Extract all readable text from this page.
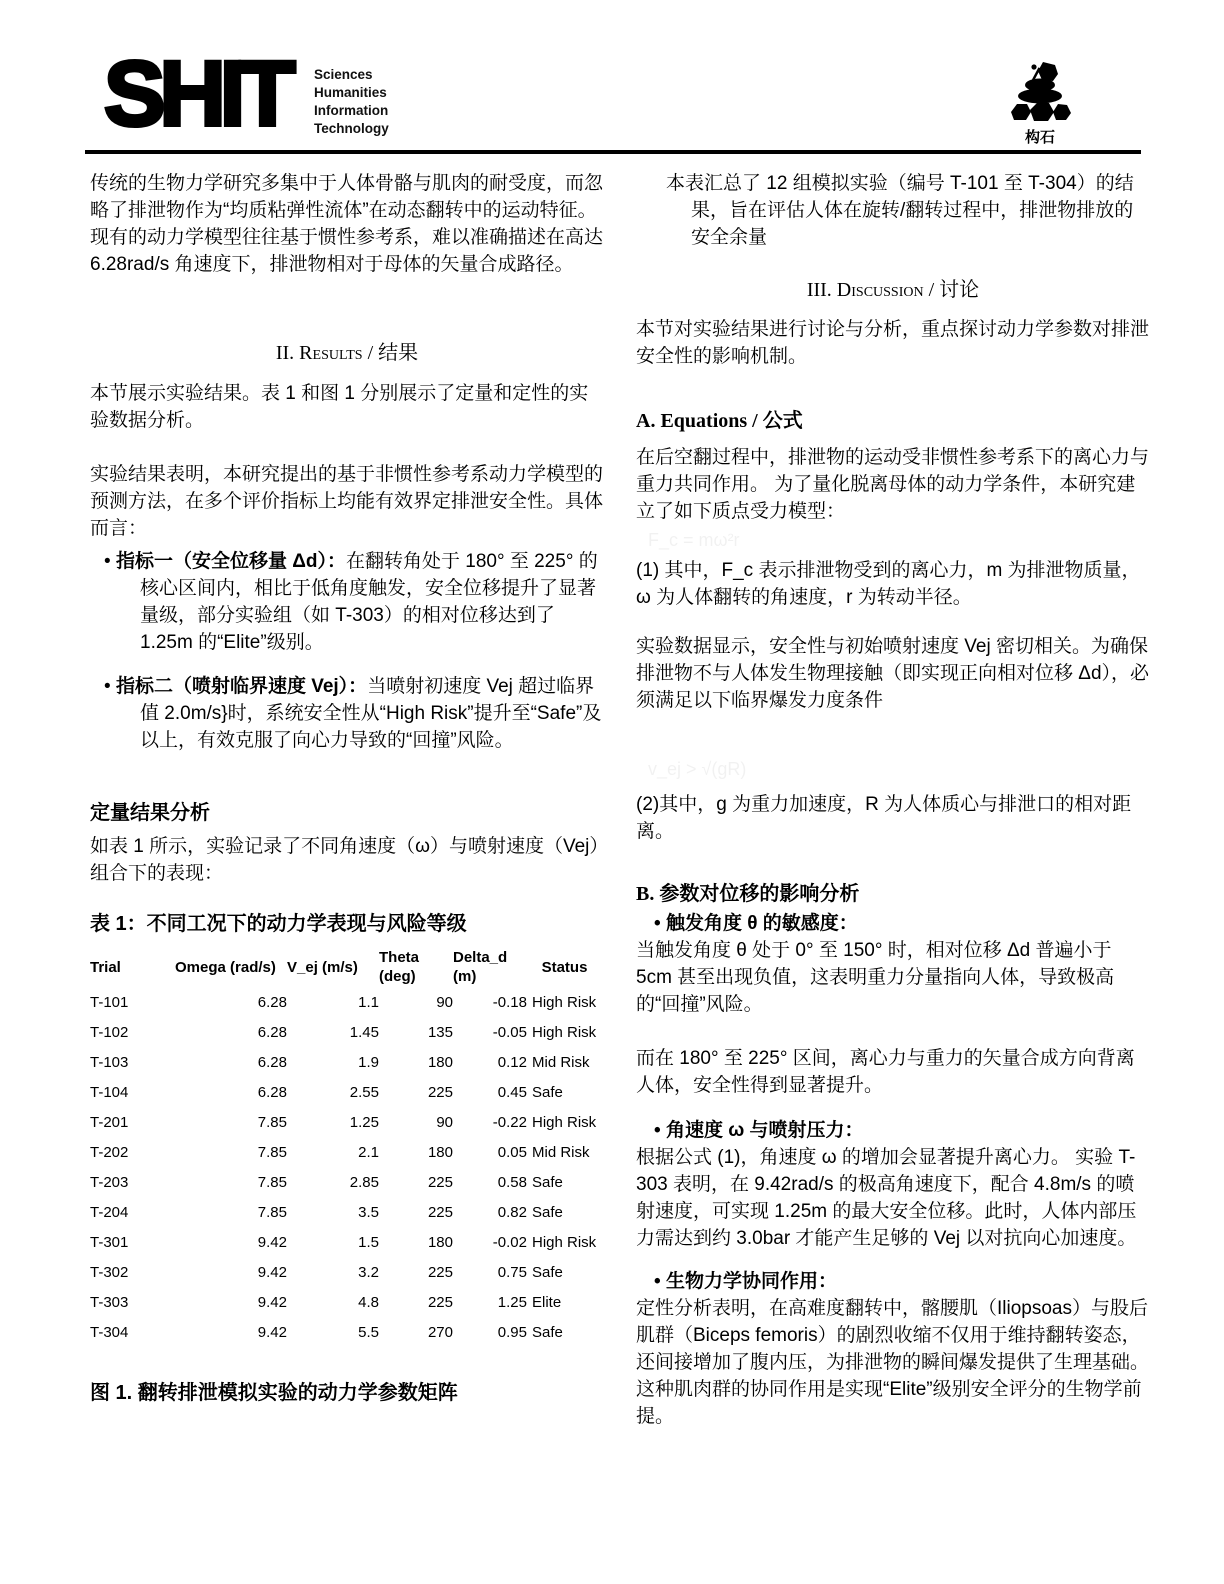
SHIT Sciences
Humanities
Information
Technology
构石

传统的生物力学研究多集中于人体骨骼与肌肉的耐受度，而忽略了排泄物作为“均质粘弹性流体”在动态翻转中的运动特征。现有的动力学模型往往基于惯性参考系，难以准确描述在高达 6.28rad/s 角速度下，排泄物相对于母体的矢量合成路径。

II. Results / 结果

本节展示实验结果。表 1 和图 1 分别展示了定量和定性的实验数据分析。

实验结果表明，本研究提出的基于非惯性参考系动力学模型的预测方法，在多个评价指标上均能有效界定排泄安全性。具体而言：

• 指标一（安全位移量 Δd）：在翻转角处于 180° 至 225° 的核心区间内，相比于低角度触发，安全位移提升了显著量级，部分实验组（如 T-303）的相对位移达到了 1.25m 的“Elite”级别。

• 指标二（喷射临界速度 Vej）：当喷射初速度 Vej 超过临界值 2.0m/s}时，系统安全性从“High Risk”提升至“Safe”及以上，有效克服了向心力导致的“回撞”风险。

定量结果分析

如表 1 所示，实验记录了不同角速度（ω）与喷射速度（Vej）组合下的表现：

表 1：不同工况下的动力学表现与风险等级

Trial	Omega (rad/s)	V_ej (m/s)	Theta (deg)	Delta_d (m)	Status
T-101	6.28	1.1	90	-0.18	High Risk
T-102	6.28	1.45	135	-0.05	High Risk
T-103	6.28	1.9	180	0.12	Mid Risk
T-104	6.28	2.55	225	0.45	Safe
T-201	7.85	1.25	90	-0.22	High Risk
T-202	7.85	2.1	180	0.05	Mid Risk
T-203	7.85	2.85	225	0.58	Safe
T-204	7.85	3.5	225	0.82	Safe
T-301	9.42	1.5	180	-0.02	High Risk
T-302	9.42	3.2	225	0.75	Safe
T-303	9.42	4.8	225	1.25	Elite
T-304	9.42	5.5	270	0.95	Safe

图 1. 翻转排泄模拟实验的动力学参数矩阵

本表汇总了 12 组模拟实验（编号 T-101 至 T-304）的结果，旨在评估人体在旋转/翻转过程中，排泄物排放的安全余量

III. Discussion / 讨论

本节对实验结果进行讨论与分析，重点探讨动力学参数对排泄安全性的影响机制。

A. Equations / 公式

在后空翻过程中，排泄物的运动受非惯性参考系下的离心力与重力共同作用。 为了量化脱离母体的动力学条件，本研究建立了如下质点受力模型：

F_c = mω²r

(1) 其中，F_c 表示排泄物受到的离心力，m 为排泄物质量，ω 为人体翻转的角速度，r 为转动半径。

实验数据显示，安全性与初始喷射速度 Vej 密切相关。为确保排泄物不与人体发生物理接触（即实现正向相对位移 Δd），必须满足以下临界爆发力度条件

v_ej > √(gR)

(2)其中，g 为重力加速度，R 为人体质心与排泄口的相对距离。

B. 参数对位移的影响分析

• 触发角度 θ 的敏感度：

当触发角度 θ 处于 0° 至 150° 时，相对位移 Δd 普遍小于 5cm 甚至出现负值，这表明重力分量指向人体，导致极高的“回撞”风险。

而在 180° 至 225° 区间，离心力与重力的矢量合成方向背离人体，安全性得到显著提升。

• 角速度 ω 与喷射压力：

根据公式 (1)，角速度 ω 的增加会显著提升离心力。 实验 T-303 表明，在 9.42rad/s 的极高角速度下，配合 4.8m/s 的喷射速度，可实现 1.25m 的最大安全位移。此时，人体内部压力需达到约 3.0bar 才能产生足够的 Vej 以对抗向心加速度。

• 生物力学协同作用：

定性分析表明，在高难度翻转中，髂腰肌（Iliopsoas）与股后肌群（Biceps femoris）的剧烈收缩不仅用于维持翻转姿态，还间接增加了腹内压，为排泄物的瞬间爆发提供了生理基础。 这种肌肉群的协同作用是实现“Elite”级别安全评分的生物学前提。
